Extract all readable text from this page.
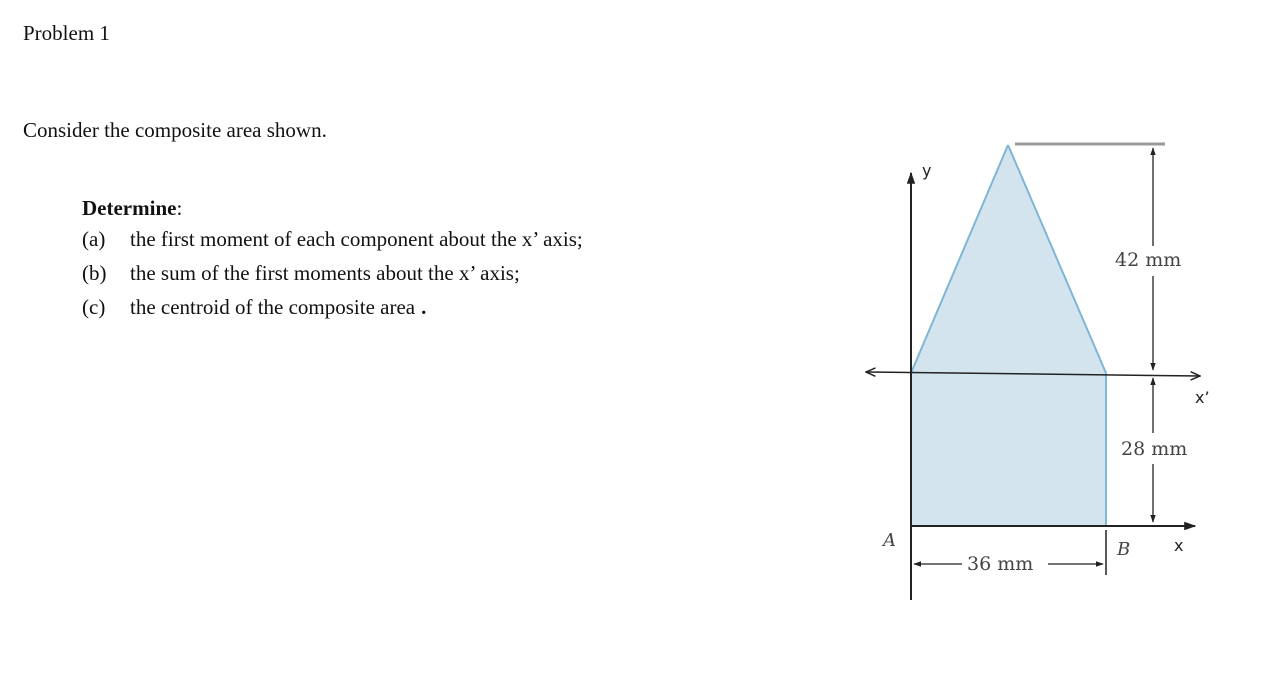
Problem 1
Consider the composite area shown.
Determine:
(a) the first moment of each component about the x’ axis;
(b) the sum of the first moments about the x’ axis;
(c) the centroid of the composite area .
y
x’
x
A	B
42 mm
28 mm
36 mm
